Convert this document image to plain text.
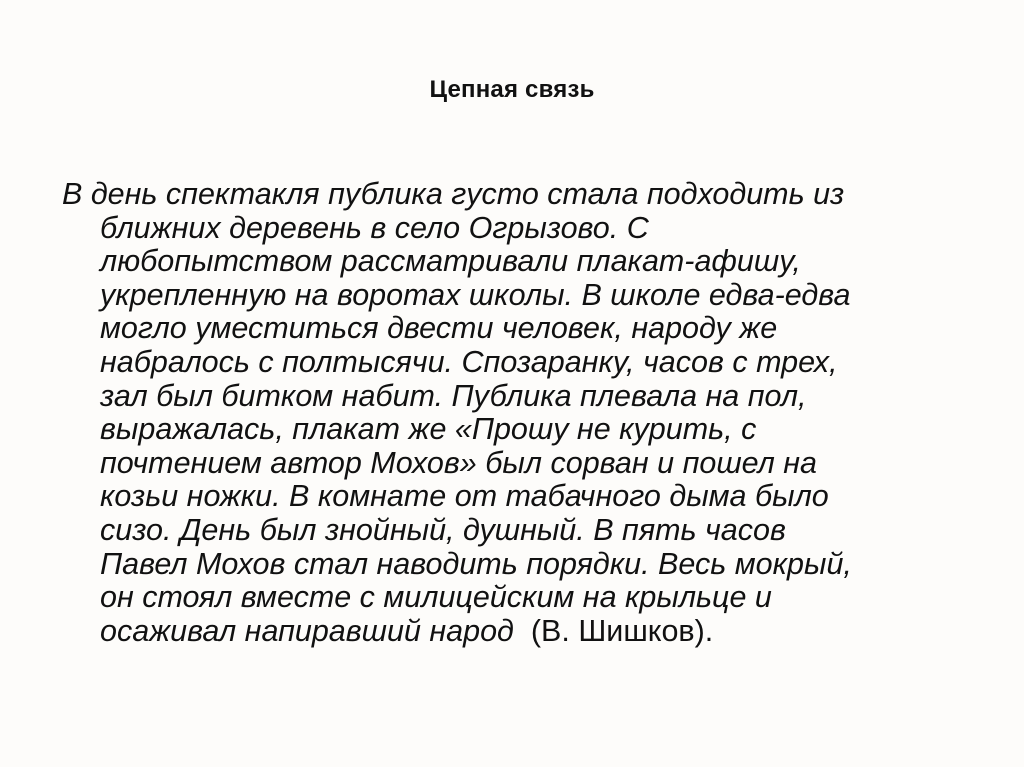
Цепная связь
В день спектакля публика густо стала подходить из
ближних деревень в село Огрызово. С
любопытством рассматривали плакат-афишу,
укрепленную на воротах школы. В школе едва-едва
могло уместиться двести человек, народу же
набралось с полтысячи. Спозаранку, часов с трех,
зал был битком набит. Публика плевала на пол,
выражалась, плакат же «Прошу не курить, с
почтением автор Мохов» был сорван и пошел на
козьи ножки. В комнате от табачного дыма было
сизо. День был знойный, душный. В пять часов
Павел Мохов стал наводить порядки. Весь мокрый,
он стоял вместе с милицейским на крыльце и
осаживал напиравший народ (В. Шишков).
